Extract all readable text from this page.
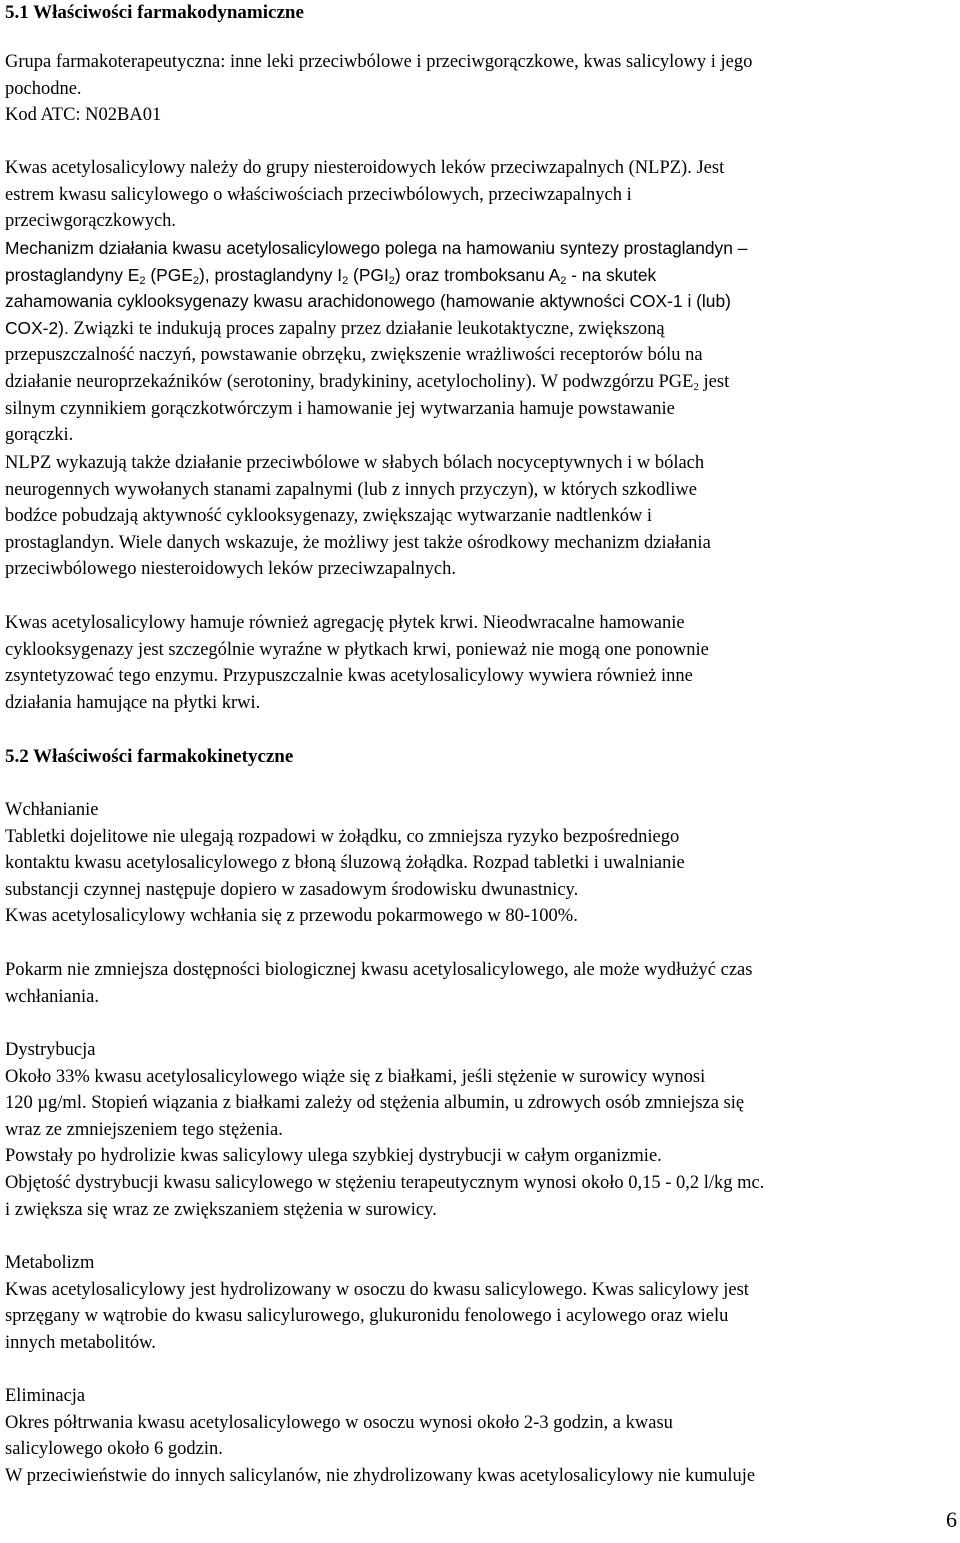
5.1 Właściwości farmakodynamiczne

Grupa farmakoterapeutyczna: inne leki przeciwbólowe i przeciwgorączkowe, kwas salicylowy i jego
pochodne.
Kod ATC: N02BA01

Kwas acetylosalicylowy należy do grupy niesteroidowych leków przeciwzapalnych (NLPZ). Jest
estrem kwasu salicylowego o właściwościach przeciwbólowych, przeciwzapalnych i
przeciwgorączkowych.

Mechanizm działania kwasu acetylosalicylowego polega na hamowaniu syntezy prostaglandyn –
prostaglandyny $E_2$ $(PGE_2)$, prostaglandyny $I_2$ $(PGI_2)$ oraz tromboksanu $A_2$ - na skutek
zahamowania cyklooksygenazy kwasu arachidonowego (hamowanie aktywności COX-1 i (lub)
COX-2). Związki te indukują proces zapalny przez działanie leukotaktyczne, zwiększoną
przepuszczalność naczyń, powstawanie obrzęku, zwiększenie wrażliwości receptorów bólu na
działanie neuroprzekaźników (serotoniny, bradykininy, acetylocholiny). W podwzgórzu $PGE_2$ jest
silnym czynnikiem gorączkotwórczym i hamowanie jej wytwarzania hamuje powstawanie
gorączki.

NLPZ wykazują także działanie przeciwbólowe w słabych bólach nocyceptywnych i w bólach
neurogennych wywołanych stanami zapalnymi (lub z innych przyczyn), w których szkodliwe
bodźce pobudzają aktywność cyklooksygenazy, zwiększając wytwarzanie nadtlenków i
prostaglandyn. Wiele danych wskazuje, że możliwy jest także ośrodkowy mechanizm działania
przeciwbólowego niesteroidowych leków przeciwzapalnych.

Kwas acetylosalicylowy hamuje również agregację płytek krwi. Nieodwracalne hamowanie
cyklooksygenazy jest szczególnie wyraźne w płytkach krwi, ponieważ nie mogą one ponownie
zsyntetyzować tego enzymu. Przypuszczalnie kwas acetylosalicylowy wywiera również inne
działania hamujące na płytki krwi.

5.2 Właściwości farmakokinetyczne

Wchłanianie
Tabletki dojelitowe nie ulegają rozpadowi w żołądku, co zmniejsza ryzyko bezpośredniego
kontaktu kwasu acetylosalicylowego z błoną śluzową żołądka. Rozpad tabletki i uwalnianie
substancji czynnej następuje dopiero w zasadowym środowisku dwunastnicy.
Kwas acetylosalicylowy wchłania się z przewodu pokarmowego w 80-100%.

Pokarm nie zmniejsza dostępności biologicznej kwasu acetylosalicylowego, ale może wydłużyć czas
wchłaniania.

Dystrybucja
Około 33% kwasu acetylosalicylowego wiąże się z białkami, jeśli stężenie w surowicy wynosi
120 µg/ml. Stopień wiązania z białkami zależy od stężenia albumin, u zdrowych osób zmniejsza się
wraz ze zmniejszeniem tego stężenia.
Powstały po hydrolizie kwas salicylowy ulega szybkiej dystrybucji w całym organizmie.
Objętość dystrybucji kwasu salicylowego w stężeniu terapeutycznym wynosi około 0,15 - 0,2 l/kg mc.
i zwiększa się wraz ze zwiększaniem stężenia w surowicy.

Metabolizm
Kwas acetylosalicylowy jest hydrolizowany w osoczu do kwasu salicylowego. Kwas salicylowy jest
sprzęgany w wątrobie do kwasu salicylurowego, glukuronidu fenolowego i acylowego oraz wielu
innych metabolitów.

Eliminacja
Okres półtrwania kwasu acetylosalicylowego w osoczu wynosi około 2-3 godzin, a kwasu
salicylowego około 6 godzin.
W przeciwieństwie do innych salicylanów, nie zhydrolizowany kwas acetylosalicylowy nie kumuluje

6
